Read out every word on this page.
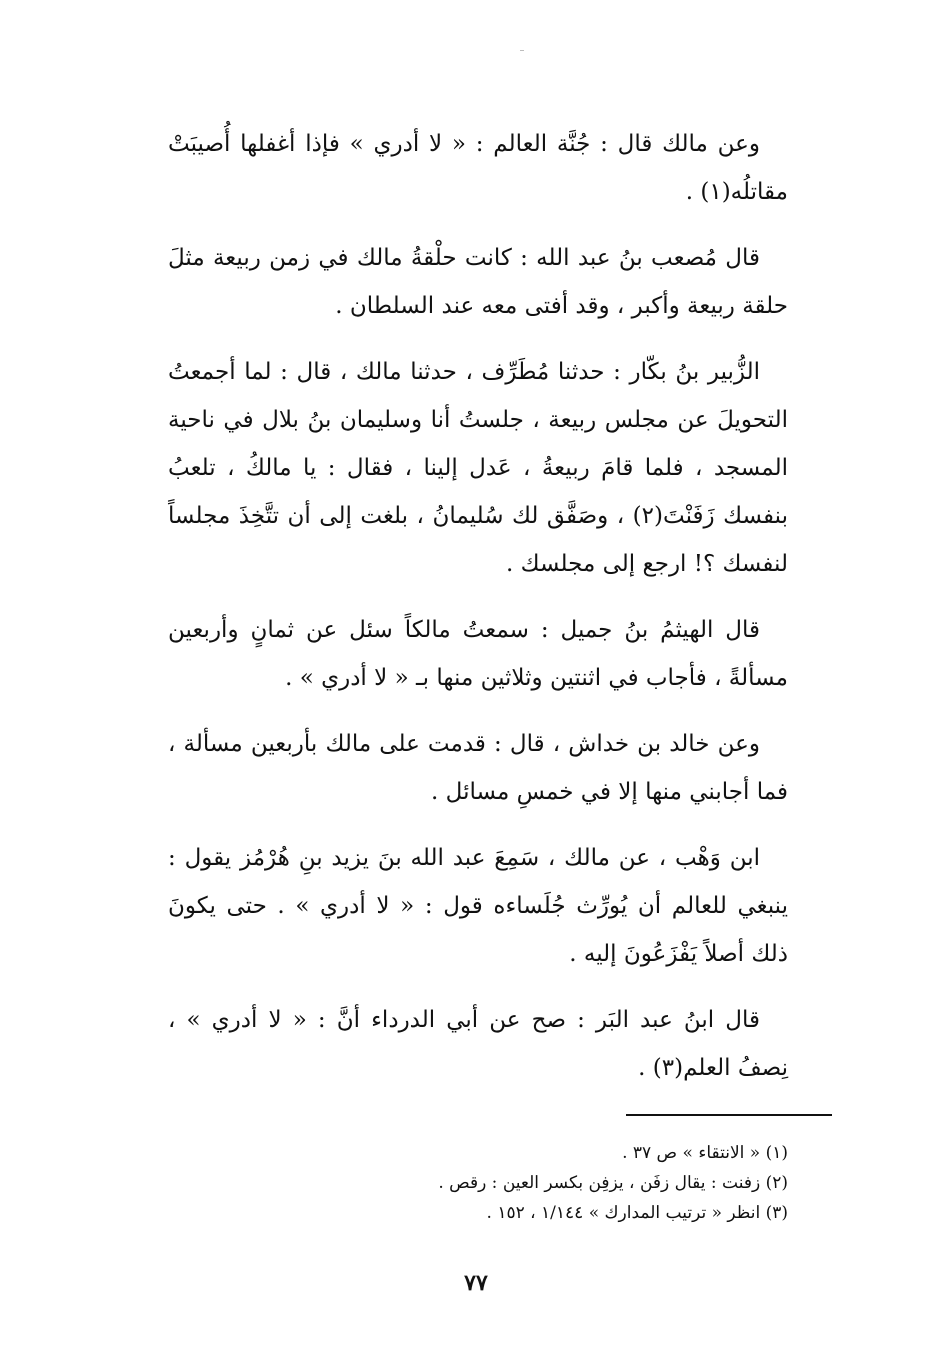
وعن مالك قال : جُنَّة العالم : « لا أدري » فإذا أغفلها أُصيبَتْ مقاتلُه(١) .

قال مُصعب بنُ عبد الله : كانت حلْقةُ مالك في زمن ربيعة مثلَ حلقة ربيعة وأكبر ، وقد أفتى معه عند السلطان .

الزُّبير بنُ بكّار : حدثنا مُطَرِّف ، حدثنا مالك ، قال : لما أجمعتُ التحويلَ عن مجلس ربيعة ، جلستُ أنا وسليمان بنُ بلال في ناحية المسجد ، فلما قامَ ربيعةُ ، عَدل إلينا ، فقال : يا مالكُ ، تلعبُ بنفسك زَفَنْتَ(٢) ، وصَفَّق لك سُليمانُ ، بلغت إلى أن تتَّخِذَ مجلساً لنفسك ؟! ارجع إلى مجلسك .

قال الهيثمُ بنُ جميل : سمعتُ مالكاً سئل عن ثمانٍ وأربعين مسألةً ، فأجاب في اثنتين وثلاثين منها بـ « لا أدري » .

وعن خالد بن خداش ، قال : قدمت على مالك بأربعين مسألة ، فما أجابني منها إلا في خمسِ مسائل .

ابن وَهْب ، عن مالك ، سَمِعَ عبد الله بنَ يزيد بنِ هُرْمُز يقول : ينبغي للعالم أن يُورِّث جُلَساءه قول : « لا أدري » . حتى يكونَ ذلك أصلاً يَفْزَعُونَ إليه .

قال ابنُ عبد البَر : صح عن أبي الدرداء أنَّ : « لا أدري » ، نِصفُ العلم(٣) .

(١) « الانتقاء » ص ٣٧ .

(٢) زفنت : يقال زفَن ، يزفِن بكسر العين : رقص .

(٣) انظر « ترتيب المدارك » ١/١٤٤ ، ١٥٢ .

٧٧
